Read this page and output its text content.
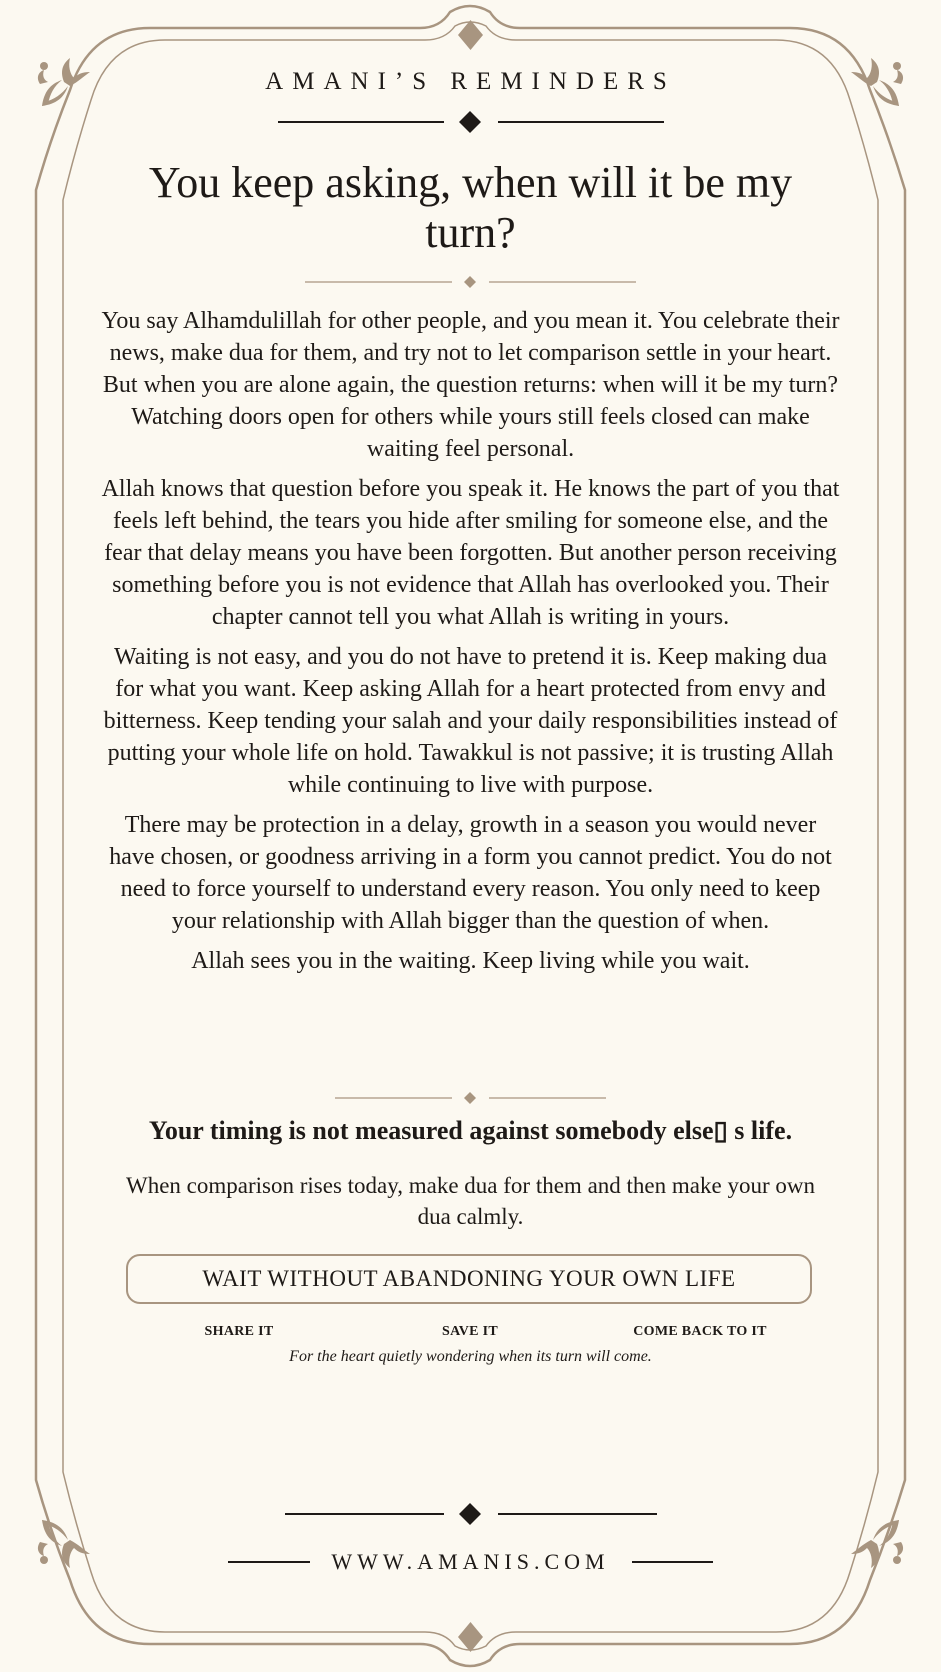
AMANI’S REMINDERS
You keep asking, when will it be my turn?

You say Alhamdulillah for other people, and you mean it. You celebrate their news, make dua for them, and try not to let comparison settle in your heart. But when you are alone again, the question returns: when will it be my turn? Watching doors open for others while yours still feels closed can make waiting feel personal.

Allah knows that question before you speak it. He knows the part of you that feels left behind, the tears you hide after smiling for someone else, and the fear that delay means you have been forgotten. But another person receiving something before you is not evidence that Allah has overlooked you. Their chapter cannot tell you what Allah is writing in yours.

Waiting is not easy, and you do not have to pretend it is. Keep making dua for what you want. Keep asking Allah for a heart protected from envy and bitterness. Keep tending your salah and your daily responsibilities instead of putting your whole life on hold. Tawakkul is not passive; it is trusting Allah while continuing to live with purpose.

There may be protection in a delay, growth in a season you would never have chosen, or goodness arriving in a form you cannot predict. You do not need to force yourself to understand every reason. You only need to keep your relationship with Allah bigger than the question of when.

Allah sees you in the waiting. Keep living while you wait.

Your timing is not measured against somebody else▯ s life.
When comparison rises today, make dua for them and then make your own dua calmly.
WAIT WITHOUT ABANDONING YOUR OWN LIFE
SHARE IT	SAVE IT	COME BACK TO IT
For the heart quietly wondering when its turn will come.
WWW.AMANIS.COM
